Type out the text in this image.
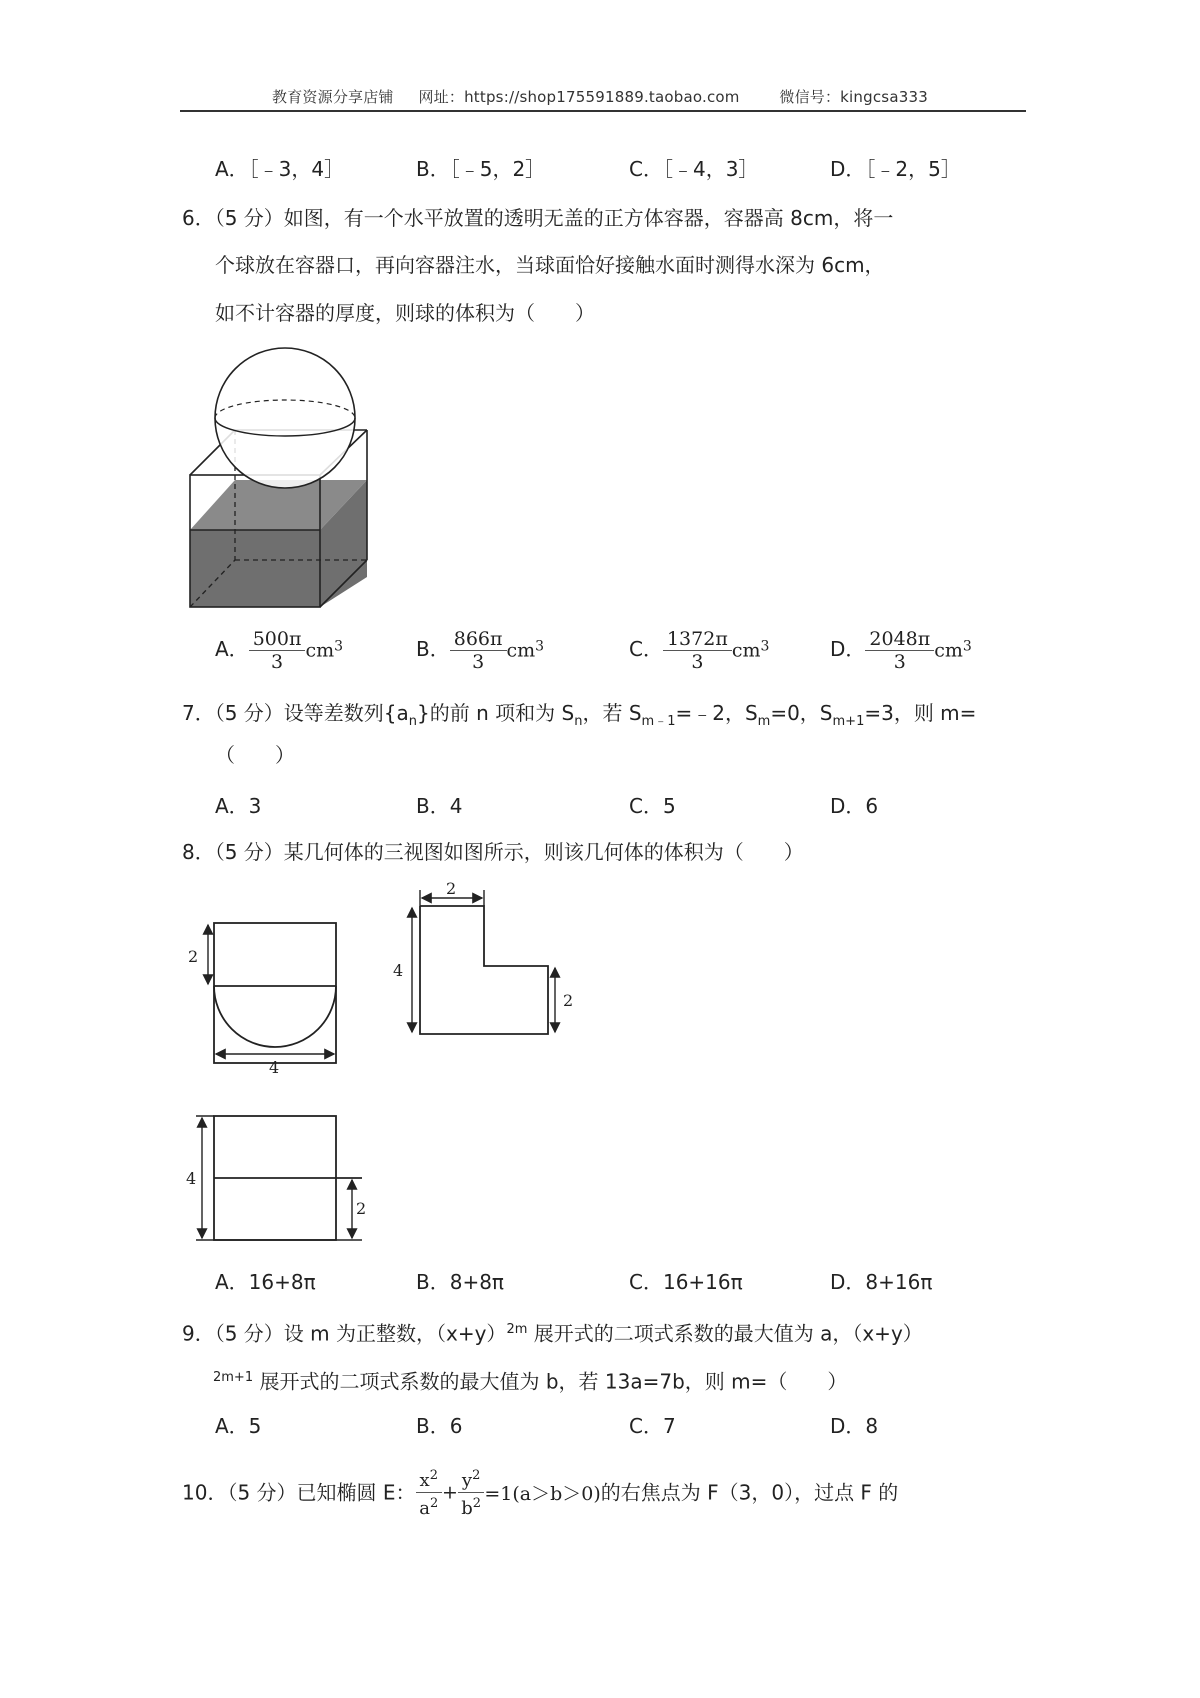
教育资源分享店铺 网址：https://shop175591889.taobao.com	微信号：kingcsa333
A．［﹣3，4］	B．［﹣5，2］	C．［﹣4，3］	D．［﹣2，5］
6．（5 分）如图，有一个水平放置的透明无盖的正方体容器，容器高 8cm，将一
个球放在容器口，再向容器注水，当球面恰好接触水面时测得水深为 6cm，
如不计容器的厚度，则球的体积为（　　）
A． $\frac{500\pi}{3} cm^3$	B． $\frac{866\pi}{3} cm^3$	C． $\frac{1372\pi}{3} cm^3$	D． $\frac{2048\pi}{3} cm^3$
7．（5 分）设等差数列$\{a_n\}$的前 n 项和为 $S_n$，若 $S_{m﹣1}=﹣2$，$S_m=0$，$S_{m+1}=3$，则 m=
（　　）
A．3	B．4	C．5	D．6
8．（5 分）某几何体的三视图如图所示，则该几何体的体积为（　　）
2
4
2
4
2
4
2
A．16+8π	B．8+8π	C．16+16π	D．8+16π
9．（5 分）设 m 为正整数，$(x+y)^{2m}$ 展开式的二项式系数的最大值为 a，（x+y）
$^{2m+1}$ 展开式的二项式系数的最大值为 b，若 13a=7b，则 m=（　　）
A．5	B．6	C．7	D．8
10．（5 分）已知椭圆 E： $\frac{x^2}{a^2} + \frac{y^2}{b^2} =1(a>b>0)$的右焦点为 F（3，0），过点 F 的
